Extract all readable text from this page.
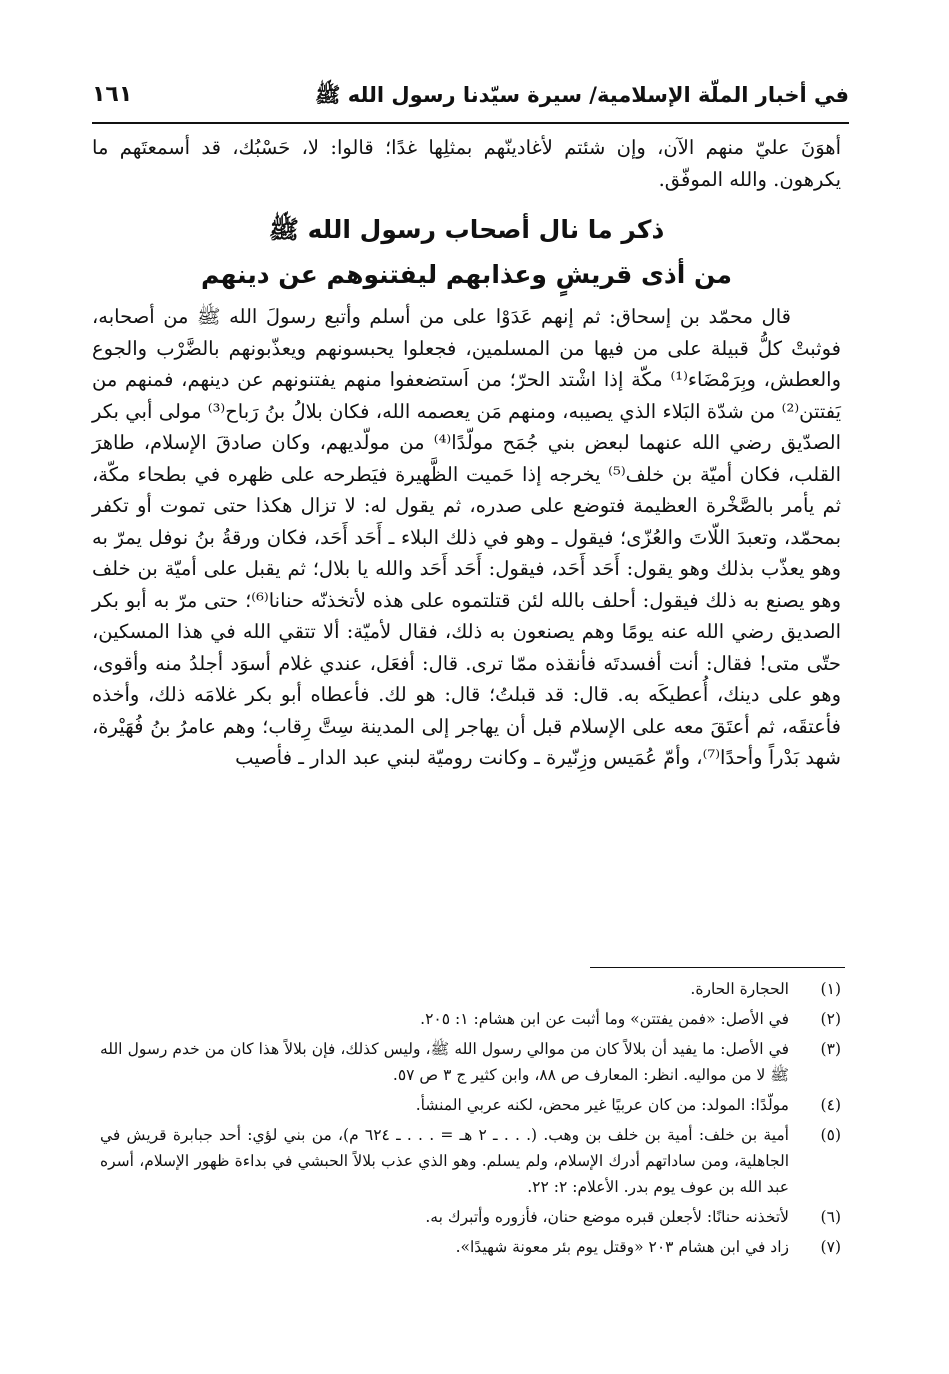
في أخبار الملّة الإسلامية/ سيرة سيّدنا رسول الله ﷺ
١٦١

أهوَنَ عليّ منهم الآن، وإن شئتم لأغادينّهم بمثلِها غدًا؛ قالوا: لا، حَسْبُك، قد أسمعتَهم ما يكرهون. والله الموفّق.

ذكر ما نال أصحاب رسول الله ﷺ
من أذى قريشٍ وعذابهم ليفتنوهم عن دينهم

قال محمّد بن إسحاق: ثم إنهم عَدَوْا على من أسلم وأتبع رسولَ الله ﷺ من أصحابه، فوثبتْ كلُّ قبيلة على من فيها من المسلمين، فجعلوا يحبسونهم ويعذّبونهم بالضَّرْب والجوع والعطش، وبِرَمْضَاء⁽¹⁾ مكّة إذا اشْتد الحرّ؛ من اَستضعفوا منهم يفتنونهم عن دينهم، فمنهم من يَفتتن⁽²⁾ من شدّة البَلاء الذي يصيبه، ومنهم مَن يعصمه الله، فكان بلالُ بنُ رَباح⁽³⁾ مولى أبي بكر الصدّيق رضي الله عنهما لبعض بني جُمَح مولّدًا⁽⁴⁾ من مولّديهم، وكان صادقَ الإسلام، طاهرَ القلب، فكان أميّة بن خلف⁽⁵⁾ يخرجه إذا حَميت الظَّهيرة فيَطرحه على ظهره في بطحاء مكّة، ثم يأمر بالصَّخْرة العظيمة فتوضع على صدره، ثم يقول له: لا تزال هكذا حتى تموت أو تكفر بمحمّد، وتعبدَ اللّاتَ والعُزّى؛ فيقول ـ وهو في ذلك البلاء ـ أَحَد أَحَد، فكان ورقةُ بنُ نوفل يمرّ به وهو يعذّب بذلك وهو يقول: أَحَد أَحَد، فيقول: أَحَد أَحَد والله يا بلال؛ ثم يقبل على أميّة بن خلف وهو يصنع به ذلك فيقول: أحلف بالله لئن قتلتموه على هذه لأتخذنّه حنانا⁽⁶⁾؛ حتى مرّ به أبو بكر الصديق رضي الله عنه يومًا وهم يصنعون به ذلك، فقال لأميّة: ألا تتقي الله في هذا المسكين، حتّى متى! فقال: أنت أفسدتَه فأنقذه ممّا ترى. قال: أفعَل، عندي غلام أسوَد أجلدُ منه وأقوى، وهو على دينك، أُعطيكَه به. قال: قد قبلتُ؛ قال: هو لك. فأعطاه أبو بكر غلامَه ذلك، وأخذه فأعتقَه، ثم أعتَقَ معه على الإسلام قبل أن يهاجر إلى المدينة سِتَّ رِقاب؛ وهم عامرُ بنُ فُهَيْرة، شهد بَدْراً وأحدًا⁽⁷⁾، وأمّ عُمَيس وزِنّيرة ـ وكانت روميّة لبني عبد الدار ـ فأصيب

(١)
الحجارة الحارة.
(٢)
في الأصل: «فمن يفتتن» وما أثبت عن ابن هشام: ١: ٢٠٥.
(٣)
في الأصل: ما يفيد أن بلالاً كان من موالي رسول الله ﷺ، وليس كذلك، فإن بلالاً هذا كان من خدم رسول الله ﷺ لا من مواليه. انظر: المعارف ص ٨٨، وابن كثير ج ٣ ص ٥٧.
(٤)
مولّدًا: المولد: من كان عربيًا غير محض، لكنه عربي المنشأ.
(٥)
أمية بن خلف: أمية بن خلف بن وهب. (. . . ـ ٢ هـ = . . . ـ ٦٢٤ م)، من بني لؤي: أحد جبابرة قريش في الجاهلية، ومن ساداتهم أدرك الإسلام، ولم يسلم. وهو الذي عذب بلالاً الحبشي في بداءة ظهور الإسلام، أسره عبد الله بن عوف يوم بدر. الأعلام: ٢: ٢٢.
(٦)
لأتخذنه حنانًا: لأجعلن قبره موضع حنان، فأزوره وأتبرك به.
(٧)
زاد في ابن هشام ٢٠٣ «وقتل يوم بئر معونة شهيدًا».
